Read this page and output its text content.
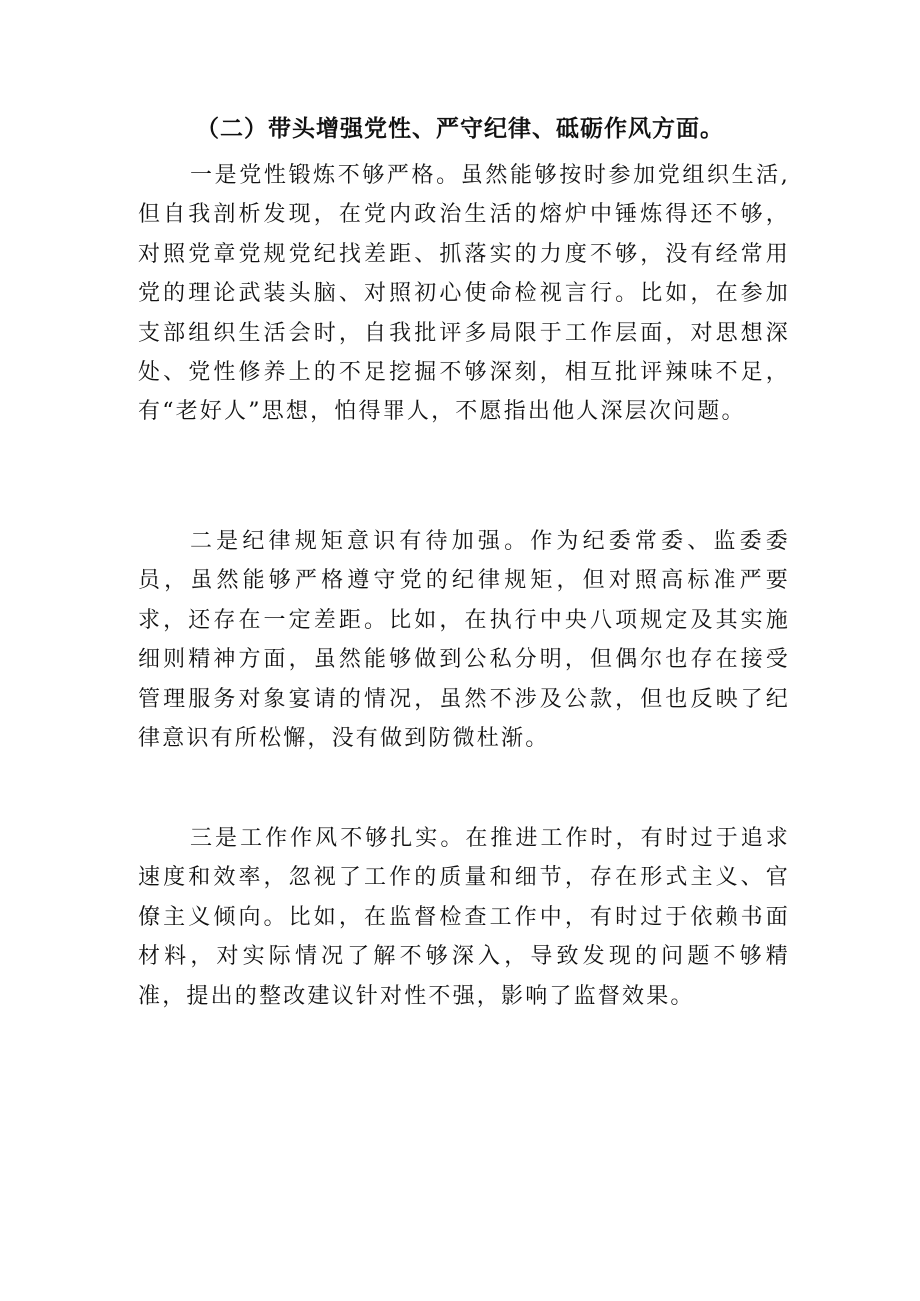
（二）带头增强党性、严守纪律、砥砺作风方面。

一是党性锻炼不够严格。虽然能够按时参加党组织生活,但自我剖析发现，在党内政治生活的熔炉中锤炼得还不够，对照党章党规党纪找差距、抓落实的力度不够，没有经常用党的理论武装头脑、对照初心使命检视言行。比如，在参加支部组织生活会时，自我批评多局限于工作层面，对思想深处、党性修养上的不足挖掘不够深刻，相互批评辣味不足，有“老好人”思想，怕得罪人，不愿指出他人深层次问题。

二是纪律规矩意识有待加强。作为纪委常委、监委委员，虽然能够严格遵守党的纪律规矩，但对照高标准严要求，还存在一定差距。比如，在执行中央八项规定及其实施细则精神方面，虽然能够做到公私分明，但偶尔也存在接受管理服务对象宴请的情况，虽然不涉及公款，但也反映了纪律意识有所松懈，没有做到防微杜渐。

三是工作作风不够扎实。在推进工作时，有时过于追求速度和效率，忽视了工作的质量和细节，存在形式主义、官僚主义倾向。比如，在监督检查工作中，有时过于依赖书面材料，对实际情况了解不够深入，导致发现的问题不够精准，提出的整改建议针对性不强，影响了监督效果。
